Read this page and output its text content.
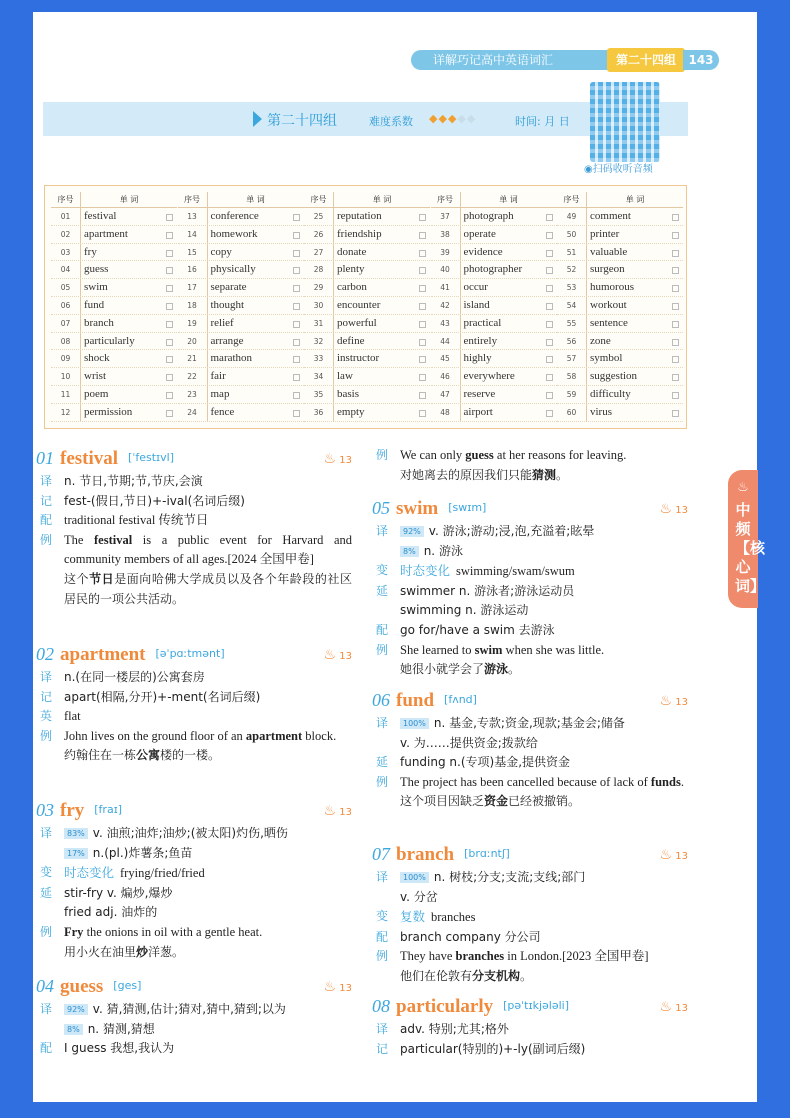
详解巧记高中英语词汇	第二十四组	143
第二十四组	难度系数 ◆◆◆◆◆	时间: 月 日
◉扫码收听音频
序号	单 词
01	festival
02	apartment
03	fry
04	guess
05	swim
06	fund
07	branch
08	particularly
09	shock
10	wrist
11	poem
12	permission
序号	单 词
13	conference
14	homework
15	copy
16	physically
17	separate
18	thought
19	relief
20	arrange
21	marathon
22	fair
23	map
24	fence
序号	单 词
25	reputation
26	friendship
27	donate
28	plenty
29	carbon
30	encounter
31	powerful
32	define
33	instructor
34	law
35	basis
36	empty
序号	单 词
37	photograph
38	operate
39	evidence
40	photographer
41	occur
42	island
43	practical
44	entirely
45	highly
46	everywhere
47	reserve
48	airport
序号	单 词
49	comment
50	printer
51	valuable
52	surgeon
53	humorous
54	workout
55	sentence
56	zone
57	symbol
58	suggestion
59	difficulty
60	virus
01 festival [ˈfestɪvl]	♨ 13
译 n. 节日,节期;节,节庆,会演
记 fest-(假日,节日)+-ival(名词后缀)
配 traditional festival 传统节日
例 The festival is a public event for Harvard and community members of all ages.[2024 全国甲卷]
这个节日是面向哈佛大学成员以及各个年龄段的社区居民的一项公共活动。
02 apartment [əˈpɑːtmənt]	♨ 13
译 n.(在同一楼层的)公寓套房
记 apart(相隔,分开)+-ment(名词后缀)
英 flat
例 John lives on the ground floor of an apartment block.
约翰住在一栋公寓楼的一楼。
03 fry [fraɪ]	♨ 13
译	83% v. 油煎;油炸;油炒;(被太阳)灼伤,晒伤
17% n.(pl.)炸薯条;鱼苗
变 时态变化 frying/fried/fried
延 stir-fry v. 煸炒,爆炒
fried adj. 油炸的
例 Fry the onions in oil with a gentle heat.
用小火在油里炒洋葱。
04 guess [ges]	♨ 13
译	92% v. 猜,猜测,估计;猜对,猜中,猜到;以为
8% n. 猜测,猜想
配 I guess 我想,我认为
例 We can only guess at her reasons for leaving.
对她离去的原因我们只能猜测。
05 swim [swɪm]	♨ 13
译	92% v. 游泳;游动;浸,泡,充溢着;眩晕
8% n. 游泳
变 时态变化 swimming/swam/swum
延 swimmer n. 游泳者;游泳运动员
swimming n. 游泳运动
配 go for/have a swim 去游泳
例 She learned to swim when she was little.
她很小就学会了游泳。
06 fund [fʌnd]	♨ 13
译	100% n. 基金,专款;资金,现款;基金会;储备
v. 为……提供资金;拨款给
延 funding n.(专项)基金,提供资金
例 The project has been cancelled because of lack of funds.
这个项目因缺乏资金已经被撤销。
07 branch [brɑːntʃ]	♨ 13
译	100% n. 树枝;分支;支流;支线;部门
v. 分岔
变 复数 branches
配 branch company 分公司
例 They have branches in London.[2023 全国甲卷]
他们在伦敦有分支机构。
08 particularly [pəˈtɪkjələli]	♨ 13
译 adv. 特别;尤其;格外
记 particular(特别的)+-ly(副词后缀)
♨
中频【核心词】
